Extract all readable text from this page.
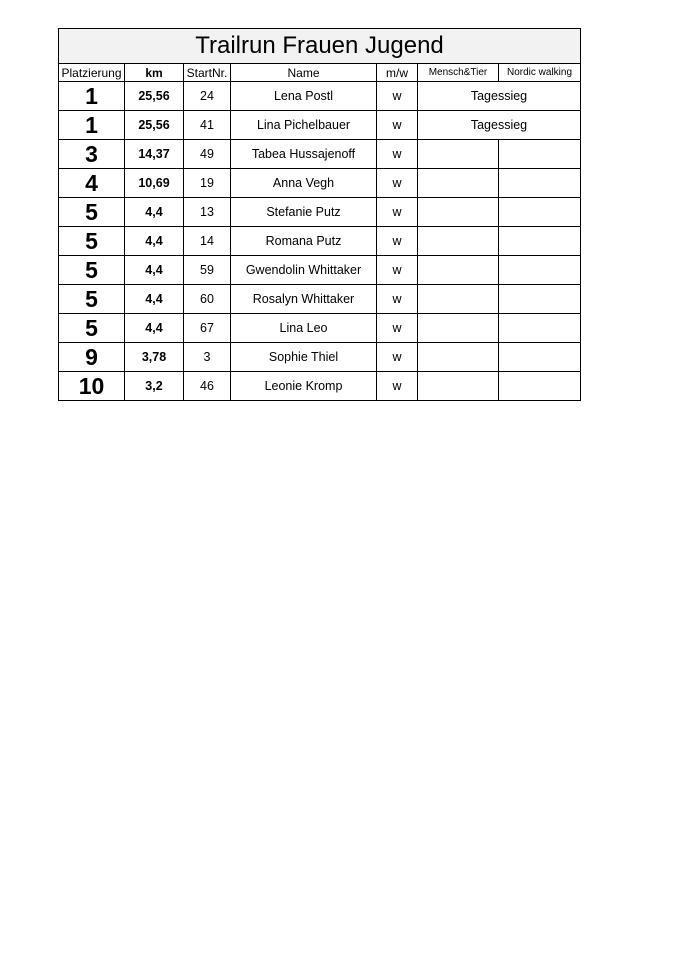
Trailrun Frauen Jugend						
Platzierung	km	StartNr.	Name	m/w	Mensch&Tier	Nordic walking
1	25,56	24	Lena Postl	w	Tagessieg	
1	25,56	41	Lina Pichelbauer	w	Tagessieg	
3	14,37	49	Tabea Hussajenoff	w		
4	10,69	19	Anna Vegh	w		
5	4,4	13	Stefanie Putz	w		
5	4,4	14	Romana Putz	w		
5	4,4	59	Gwendolin Whittaker	w		
5	4,4	60	Rosalyn Whittaker	w		
5	4,4	67	Lina Leo	w		
9	3,78	3	Sophie Thiel	w		
10	3,2	46	Leonie Kromp	w		
